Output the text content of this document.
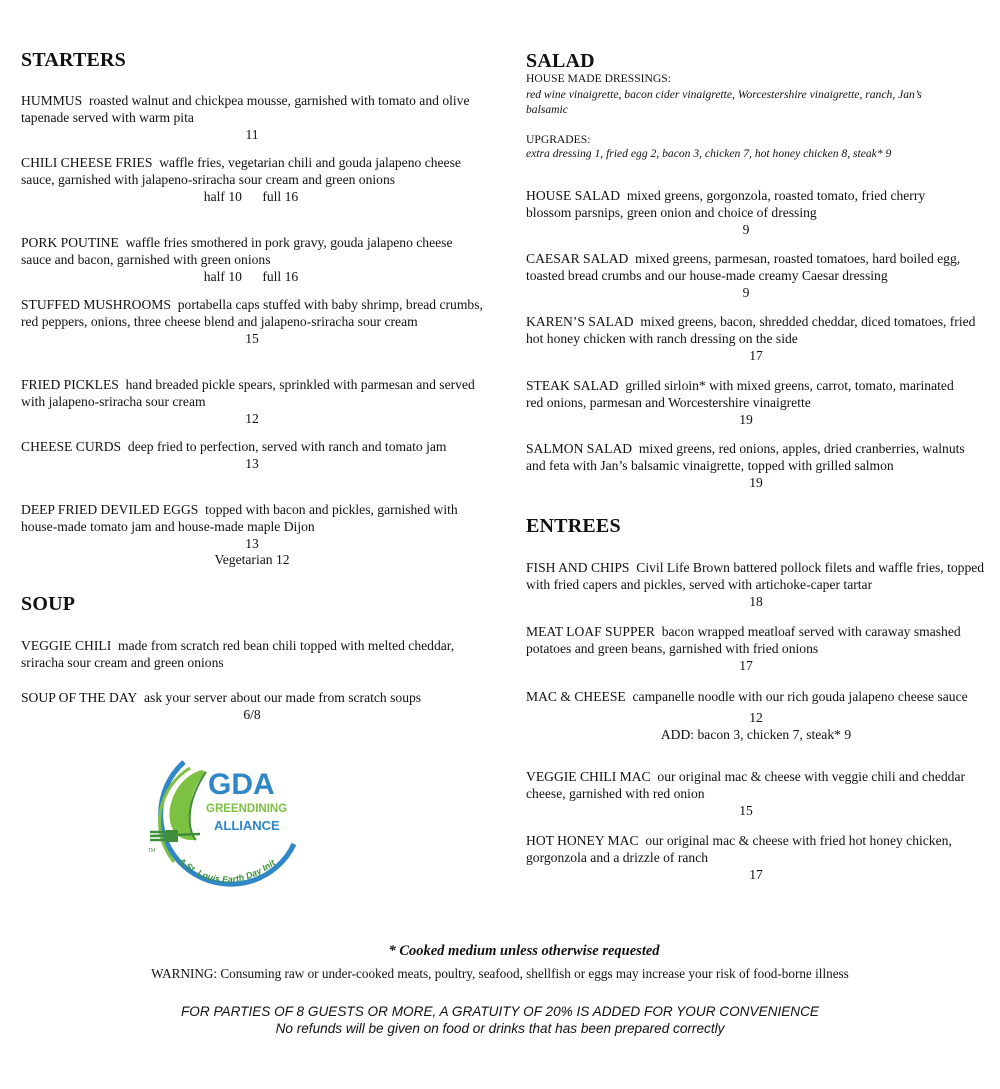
STARTERS
HUMMUS roasted walnut and chickpea mousse, garnished with tomato and olive tapenade served with warm pita
11
CHILI CHEESE FRIES waffle fries, vegetarian chili and gouda jalapeno cheese sauce, garnished with jalapeno-sriracha sour cream and green onions
half 10      full 16
PORK POUTINE waffle fries smothered in pork gravy, gouda jalapeno cheese sauce and bacon, garnished with green onions
half 10      full 16
STUFFED MUSHROOMS portabella caps stuffed with baby shrimp, bread crumbs, red peppers, onions, three cheese blend and jalapeno-sriracha sour cream
15
FRIED PICKLES hand breaded pickle spears, sprinkled with parmesan and served with jalapeno-sriracha sour cream
12
CHEESE CURDS deep fried to perfection, served with ranch and tomato jam
13
DEEP FRIED DEVILED EGGS topped with bacon and pickles, garnished with house-made tomato jam and house-made maple Dijon
13
Vegetarian 12
SOUP
VEGGIE CHILI made from scratch red bean chili topped with melted cheddar, sriracha sour cream and green onions
SOUP OF THE DAY ask your server about our made from scratch soups
6/8
GDA
GREENDINING
ALLIANCE
TM
A St. Louis Earth Day Init
SALAD
HOUSE MADE DRESSINGS:
red wine vinaigrette, bacon cider vinaigrette, Worcestershire vinaigrette, ranch, Jan’s balsamic
UPGRADES:
extra dressing 1, fried egg 2, bacon 3, chicken 7, hot honey chicken 8, steak* 9
HOUSE SALAD mixed greens, gorgonzola, roasted tomato, fried cherry blossom parsnips, green onion and choice of dressing
9
CAESAR SALAD mixed greens, parmesan, roasted tomatoes, hard boiled egg, toasted bread crumbs and our house-made creamy Caesar dressing
9
KAREN’S SALAD mixed greens, bacon, shredded cheddar, diced tomatoes, fried hot honey chicken with ranch dressing on the side
17
STEAK SALAD grilled sirloin* with mixed greens, carrot, tomato, marinated red onions, parmesan and Worcestershire vinaigrette
19
SALMON SALAD mixed greens, red onions, apples, dried cranberries, walnuts and feta with Jan’s balsamic vinaigrette, topped with grilled salmon
19
ENTREES
FISH AND CHIPS Civil Life Brown battered pollock filets and waffle fries, topped with fried capers and pickles, served with artichoke-caper tartar
18
MEAT LOAF SUPPER bacon wrapped meatloaf served with caraway smashed potatoes and green beans, garnished with fried onions
17
MAC & CHEESE campanelle noodle with our rich gouda jalapeno cheese sauce
12
ADD: bacon 3, chicken 7, steak* 9
VEGGIE CHILI MAC our original mac & cheese with veggie chili and cheddar cheese, garnished with red onion
15
HOT HONEY MAC our original mac & cheese with fried hot honey chicken, gorgonzola and a drizzle of ranch
17
* Cooked medium unless otherwise requested
WARNING: Consuming raw or under-cooked meats, poultry, seafood, shellfish or eggs may increase your risk of food-borne illness
FOR PARTIES OF 8 GUESTS OR MORE, A GRATUITY OF 20% IS ADDED FOR YOUR CONVENIENCE
No refunds will be given on food or drinks that has been prepared correctly
